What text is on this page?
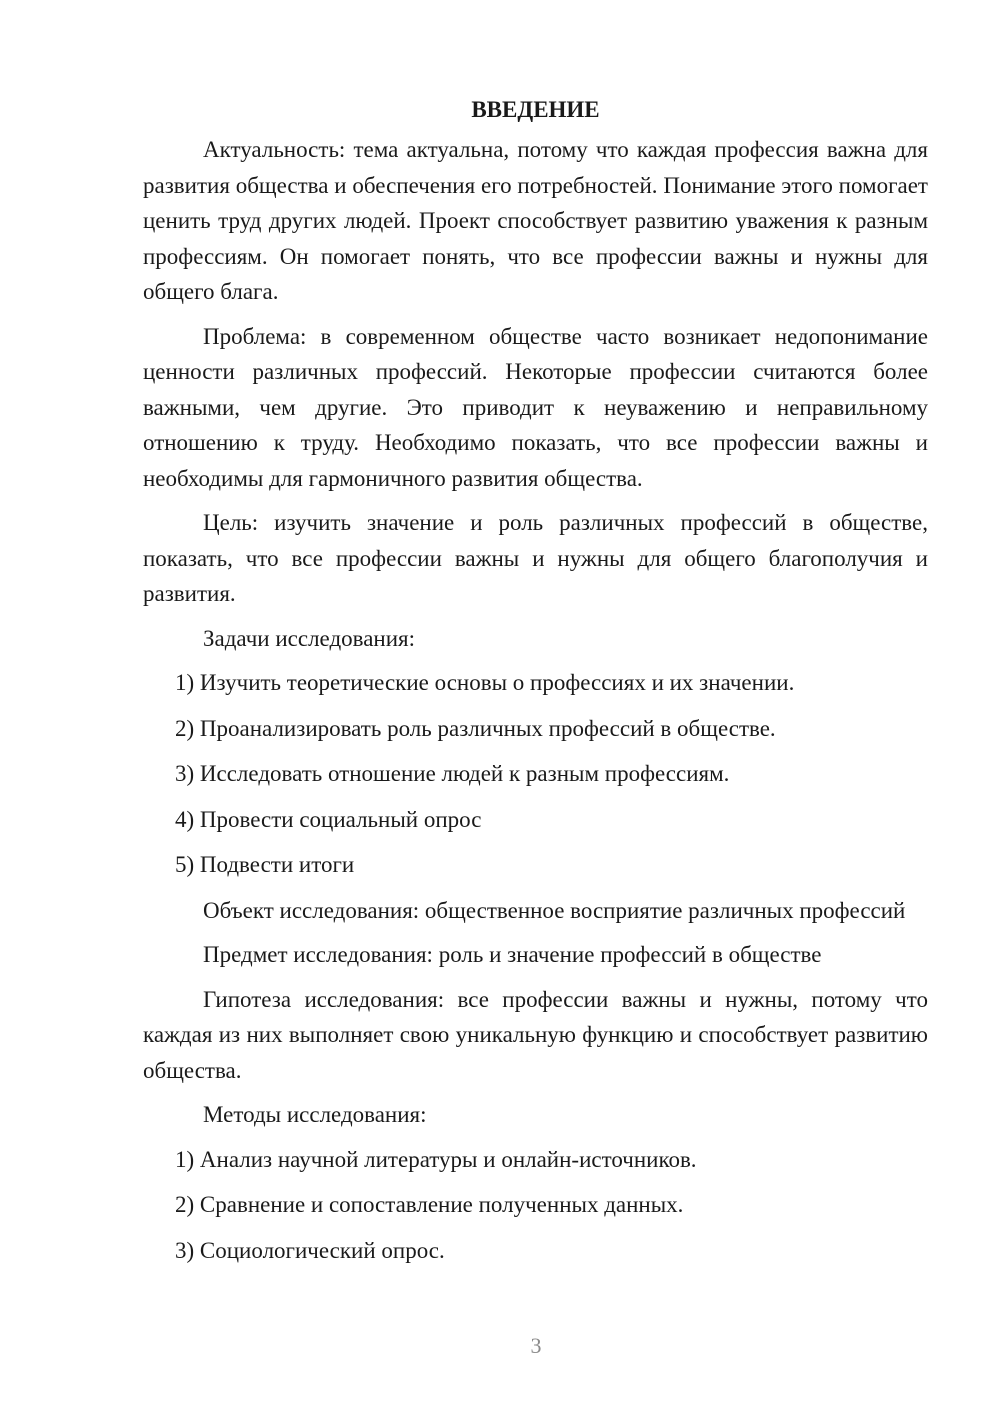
ВВЕДЕНИЕ

Актуальность: тема актуальна, потому что каждая профессия важна для развития общества и обеспечения его потребностей. Понимание этого помогает ценить труд других людей. Проект способствует развитию уважения к разным профессиям. Он помогает понять, что все профессии важны и нужны для общего блага.

Проблема: в современном обществе часто возникает недопонимание ценности различных профессий. Некоторые профессии считаются более важными, чем другие. Это приводит к неуважению и неправильному отношению к труду. Необходимо показать, что все профессии важны и необходимы для гармоничного развития общества.

Цель: изучить значение и роль различных профессий в обществе, показать, что все профессии важны и нужны для общего благополучия и развития.

Задачи исследования:

1) Изучить теоретические основы о профессиях и их значении.
2) Проанализировать роль различных профессий в обществе.
3) Исследовать отношение людей к разным профессиям.
4) Провести социальный опрос
5) Подвести итоги

Объект исследования: общественное восприятие различных профессий

Предмет исследования: роль и значение профессий в обществе

Гипотеза исследования: все профессии важны и нужны, потому что каждая из них выполняет свою уникальную функцию и способствует развитию общества.

Методы исследования:

1) Анализ научной литературы и онлайн-источников.
2) Сравнение и сопоставление полученных данных.
3) Социологический опрос.
3
